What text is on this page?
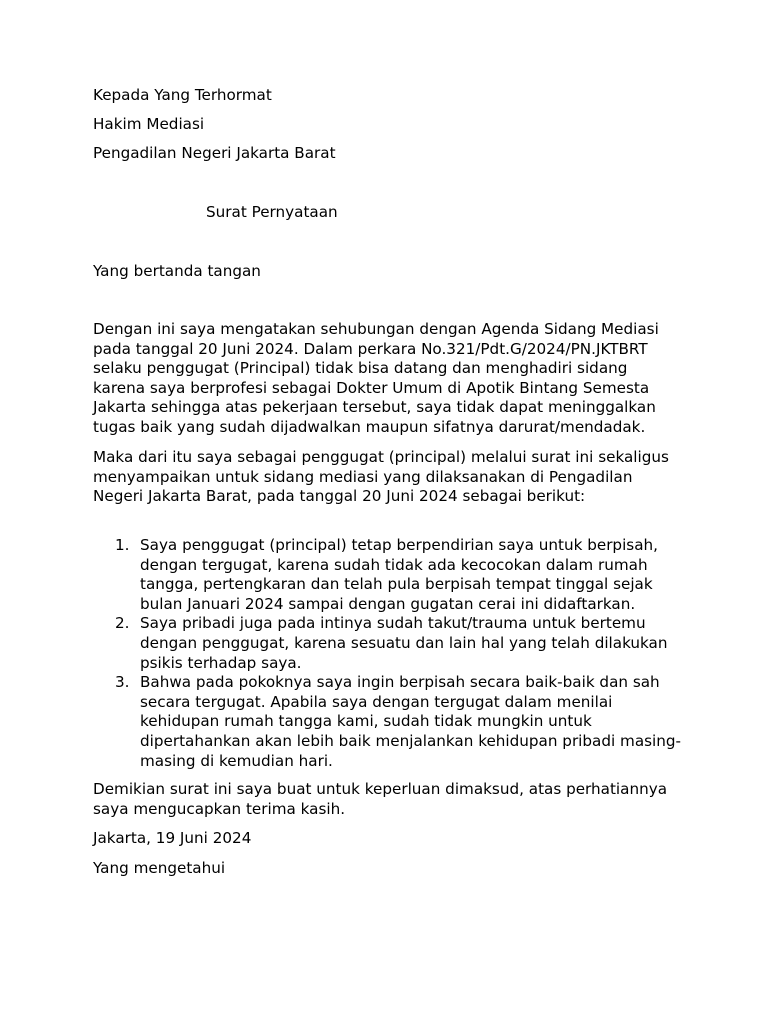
Kepada Yang Terhormat

Hakim Mediasi

Pengadilan Negeri Jakarta Barat

Surat Pernyataan

Yang bertanda tangan

Dengan ini saya mengatakan sehubungan dengan Agenda Sidang Mediasi pada tanggal 20 Juni 2024. Dalam perkara No.321/Pdt.G/2024/PN.JKTBRT selaku penggugat (Principal) tidak bisa datang dan menghadiri sidang karena saya berprofesi sebagai Dokter Umum di Apotik Bintang Semesta Jakarta sehingga atas pekerjaan tersebut, saya tidak dapat meninggalkan tugas baik yang sudah dijadwalkan maupun sifatnya darurat/mendadak.

Maka dari itu saya sebagai penggugat (principal) melalui surat ini sekaligus menyampaikan untuk sidang mediasi yang dilaksanakan di Pengadilan Negeri Jakarta Barat, pada tanggal 20 Juni 2024 sebagai berikut:

1. Saya penggugat (principal) tetap berpendirian saya untuk berpisah, dengan tergugat, karena sudah tidak ada kecocokan dalam rumah tangga, pertengkaran dan telah pula berpisah tempat tinggal sejak bulan Januari 2024 sampai dengan gugatan cerai ini didaftarkan.
2. Saya pribadi juga pada intinya sudah takut/trauma untuk bertemu dengan penggugat, karena sesuatu dan lain hal yang telah dilakukan psikis terhadap saya.
3. Bahwa pada pokoknya saya ingin berpisah secara baik-baik dan sah secara tergugat. Apabila saya dengan tergugat dalam menilai kehidupan rumah tangga kami, sudah tidak mungkin untuk dipertahankan akan lebih baik menjalankan kehidupan pribadi masing-masing di kemudian hari.

Demikian surat ini saya buat untuk keperluan dimaksud, atas perhatiannya saya mengucapkan terima kasih.

Jakarta, 19 Juni 2024

Yang mengetahui
